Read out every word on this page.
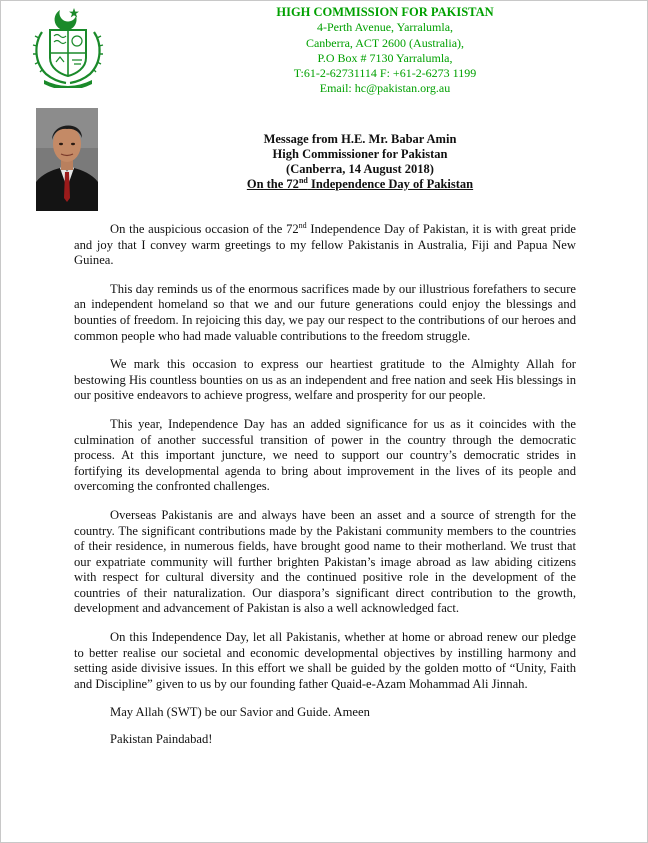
HIGH COMMISSION FOR PAKISTAN
4-Perth Avenue, Yarralumla,
Canberra, ACT 2600 (Australia),
P.O Box # 7130 Yarralumla,
T:61-2-62731114 F: +61-2-6273 1199
Email: hc@pakistan.org.au
Message from H.E. Mr. Babar Amin
High Commissioner for Pakistan
(Canberra, 14 August 2018)
On the 72nd Independence Day of Pakistan

On the auspicious occasion of the 72nd Independence Day of Pakistan, it is with great pride and joy that I convey warm greetings to my fellow Pakistanis in Australia, Fiji and Papua New Guinea.

This day reminds us of the enormous sacrifices made by our illustrious forefathers to secure an independent homeland so that we and our future generations could enjoy the blessings and bounties of freedom. In rejoicing this day, we pay our respect to the contributions of our heroes and common people who had made valuable contributions to the freedom struggle.

We mark this occasion to express our heartiest gratitude to the Almighty Allah for bestowing His countless bounties on us as an independent and free nation and seek His blessings in our positive endeavors to achieve progress, welfare and prosperity for our people.

This year, Independence Day has an added significance for us as it coincides with the culmination of another successful transition of power in the country through the democratic process. At this important juncture, we need to support our country’s democratic strides in fortifying its developmental agenda to bring about improvement in the lives of its people and overcoming the confronted challenges.

Overseas Pakistanis are and always have been an asset and a source of strength for the country. The significant contributions made by the Pakistani community members to the countries of their residence, in numerous fields, have brought good name to their motherland. We trust that our expatriate community will further brighten Pakistan’s image abroad as law abiding citizens with respect for cultural diversity and the continued positive role in the development of the countries of their naturalization. Our diaspora’s significant direct contribution to the growth, development and advancement of Pakistan is also a well acknowledged fact.

On this Independence Day, let all Pakistanis, whether at home or abroad renew our pledge to better realise our societal and economic developmental objectives by instilling harmony and setting aside divisive issues. In this effort we shall be guided by the golden motto of “Unity, Faith and Discipline” given to us by our founding father Quaid-e-Azam Mohammad Ali Jinnah.

May Allah (SWT) be our Savior and Guide. Ameen

Pakistan Paindabad!
